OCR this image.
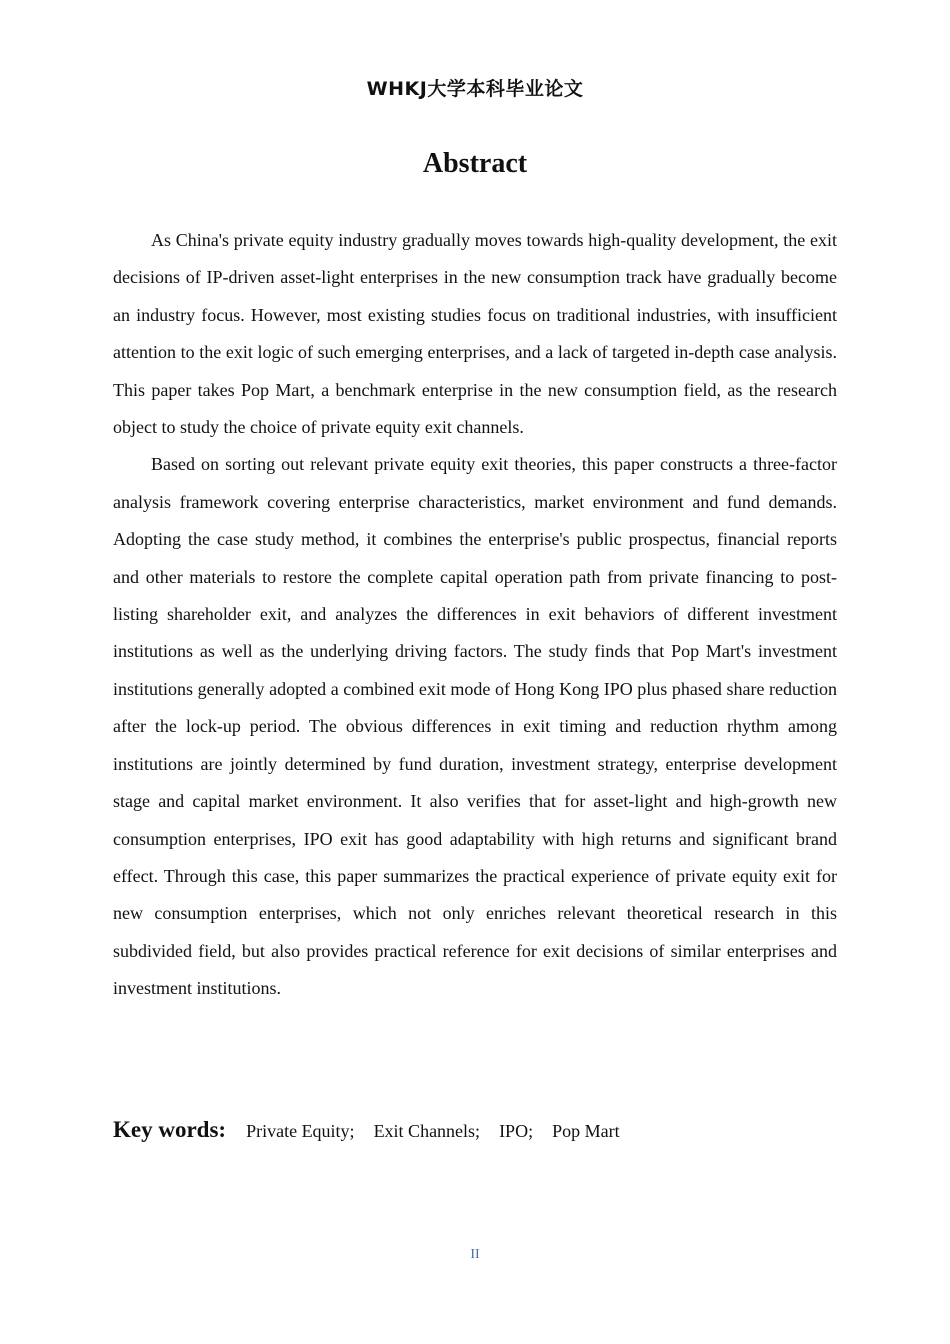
WHKJ大学本科毕业论文
Abstract

As China's private equity industry gradually moves towards high-quality development, the exit decisions of IP-driven asset-light enterprises in the new consumption track have gradually become an industry focus. However, most existing studies focus on traditional industries, with insufficient attention to the exit logic of such emerging enterprises, and a lack of targeted in-depth case analysis. This paper takes Pop Mart, a benchmark enterprise in the new consumption field, as the research object to study the choice of private equity exit channels.

Based on sorting out relevant private equity exit theories, this paper constructs a three-factor analysis framework covering enterprise characteristics, market environment and fund demands. Adopting the case study method, it combines the enterprise's public prospectus, financial reports and other materials to restore the complete capital operation path from private financing to post-listing shareholder exit, and analyzes the differences in exit behaviors of different investment institutions as well as the underlying driving factors. The study finds that Pop Mart's investment institutions generally adopted a combined exit mode of Hong Kong IPO plus phased share reduction after the lock-up period. The obvious differences in exit timing and reduction rhythm among institutions are jointly determined by fund duration, investment strategy, enterprise development stage and capital market environment. It also verifies that for asset-light and high-growth new consumption enterprises, IPO exit has good adaptability with high returns and significant brand effect. Through this case, this paper summarizes the practical experience of private equity exit for new consumption enterprises, which not only enriches relevant theoretical research in this subdivided field, but also provides practical reference for exit decisions of similar enterprises and investment institutions.

Key words: Private Equity; Exit Channels; IPO; Pop Mart
II
